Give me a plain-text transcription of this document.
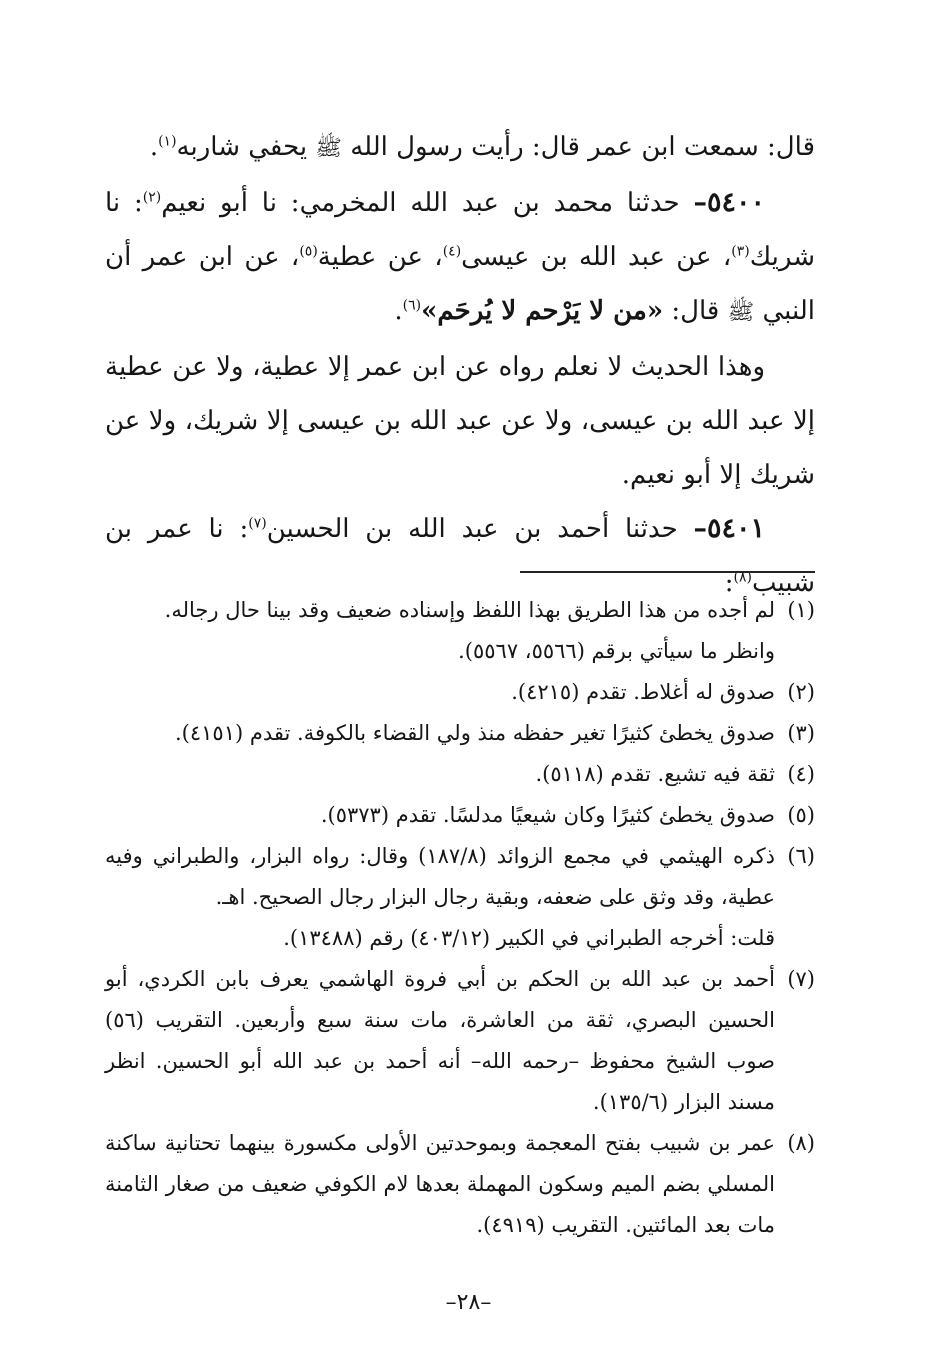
قال: سمعت ابن عمر قال: رأيت رسول الله ﷺ يحفي شاربه$^{(١)}$.

٥٤٠٠– حدثنا محمد بن عبد الله المخرمي: نا أبو نعيم$^{(٢)}$: نا شريك$^{(٣)}$، عن عبد الله بن عيسى$^{(٤)}$، عن عطية$^{(٥)}$، عن ابن عمر أن النبي ﷺ قال: «من لا يَرْحم لا يُرحَم»$^{(٦)}$.

وهذا الحديث لا نعلم رواه عن ابن عمر إلا عطية، ولا عن عطية إلا عبد الله بن عيسى، ولا عن عبد الله بن عيسى إلا شريك، ولا عن شريك إلا أبو نعيم.

٥٤٠١– حدثنا أحمد بن عبد الله بن الحسين$^{(٧)}$: نا عمر بن شبيب$^{(٨)}$:

(١)
لم أجده من هذا الطريق بهذا اللفظ وإسناده ضعيف وقد بينا حال رجاله.
وانظر ما سيأتي برقم (٥٥٦٦، ٥٥٦٧).
(٢)
صدوق له أغلاط. تقدم (٤٢١٥).
(٣)
صدوق يخطئ كثيرًا تغير حفظه منذ ولي القضاء بالكوفة. تقدم (٤١٥١).
(٤)
ثقة فيه تشيع. تقدم (٥١١٨).
(٥)
صدوق يخطئ كثيرًا وكان شيعيًا مدلسًا. تقدم (٥٣٧٣).
(٦)
ذكره الهيثمي في مجمع الزوائد (١٨٧/٨) وقال: رواه البزار، والطبراني وفيه عطية، وقد وثق على ضعفه، وبقية رجال البزار رجال الصحيح. اهـ.
قلت: أخرجه الطبراني في الكبير (٤٠٣/١٢) رقم (١٣٤٨٨).
(٧)
أحمد بن عبد الله بن الحكم بن أبي فروة الهاشمي يعرف بابن الكردي، أبو الحسين البصري، ثقة من العاشرة، مات سنة سبع وأربعين. التقريب (٥٦) صوب الشيخ محفوظ –رحمه الله– أنه أحمد بن عبد الله أبو الحسين. انظر مسند البزار (١٣٥/٦).
(٨)
عمر بن شبيب بفتح المعجمة وبموحدتين الأولى مكسورة بينهما تحتانية ساكنة المسلي بضم الميم وسكون المهملة بعدها لام الكوفي ضعيف من صغار الثامنة مات بعد المائتين. التقريب (٤٩١٩).
–٢٨–
